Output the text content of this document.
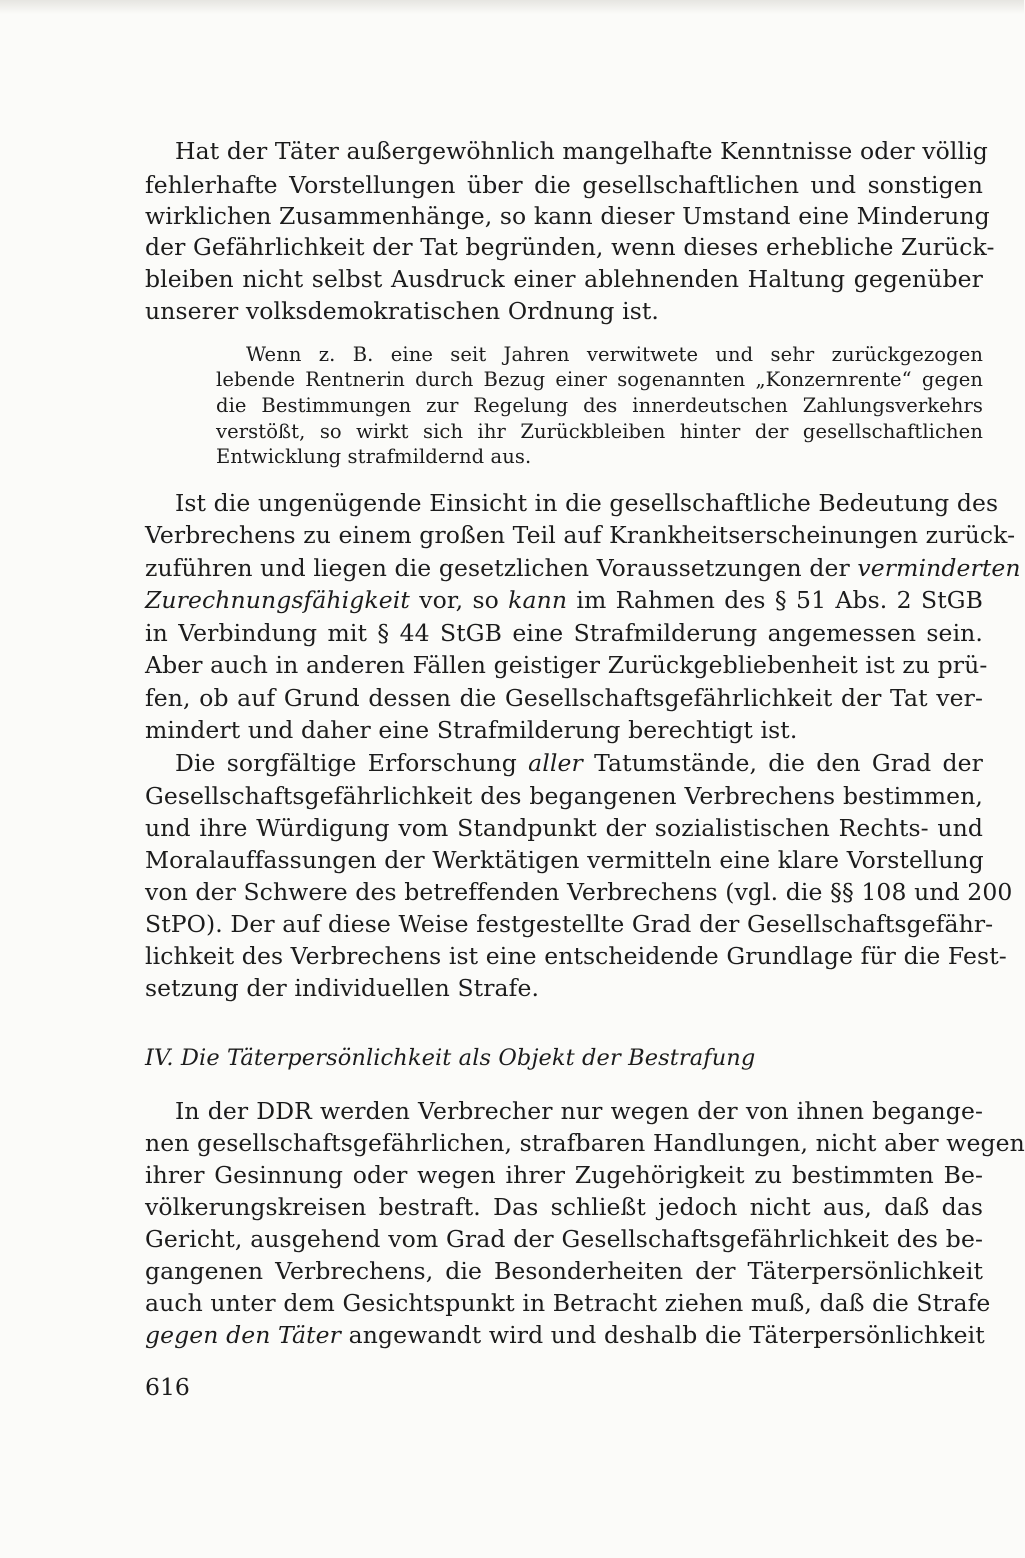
Hat der Täter außergewöhnlich mangelhafte Kenntnisse oder völlig

fehlerhafte Vorstellungen über die gesellschaftlichen und sonstigen

wirklichen Zusammenhänge, so kann dieser Umstand eine Minderung

der Gefährlichkeit der Tat begründen, wenn dieses erhebliche Zurück-

bleiben nicht selbst Ausdruck einer ablehnenden Haltung gegenüber

unserer volksdemokratischen Ordnung ist.

Wenn z. B. eine seit Jahren verwitwete und sehr zurückgezogen

lebende Rentnerin durch Bezug einer sogenannten „Konzernrente“ gegen

die Bestimmungen zur Regelung des innerdeutschen Zahlungsverkehrs

verstößt, so wirkt sich ihr Zurückbleiben hinter der gesellschaftlichen

Entwicklung strafmildernd aus.

Ist die ungenügende Einsicht in die gesellschaftliche Bedeutung des

Verbrechens zu einem großen Teil auf Krankheitserscheinungen zurück-

zuführen und liegen die gesetzlichen Voraussetzungen der verminderten

Zurechnungsfähigkeit vor, so kann im Rahmen des § 51 Abs. 2 StGB

in Verbindung mit § 44 StGB eine Strafmilderung angemessen sein.

Aber auch in anderen Fällen geistiger Zurückgebliebenheit ist zu prü-

fen, ob auf Grund dessen die Gesellschaftsgefährlichkeit der Tat ver-

mindert und daher eine Strafmilderung berechtigt ist.

Die sorgfältige Erforschung aller Tatumstände, die den Grad der

Gesellschaftsgefährlichkeit des begangenen Verbrechens bestimmen,

und ihre Würdigung vom Standpunkt der sozialistischen Rechts- und

Moralauffassungen der Werktätigen vermitteln eine klare Vorstellung

von der Schwere des betreffenden Verbrechens (vgl. die §§ 108 und 200

StPO). Der auf diese Weise festgestellte Grad der Gesellschaftsgefähr-

lichkeit des Verbrechens ist eine entscheidende Grundlage für die Fest-

setzung der individuellen Strafe.

IV. Die Täterpersönlichkeit als Objekt der Bestrafung

In der DDR werden Verbrecher nur wegen der von ihnen begange-

nen gesellschaftsgefährlichen, strafbaren Handlungen, nicht aber wegen

ihrer Gesinnung oder wegen ihrer Zugehörigkeit zu bestimmten Be-

völkerungskreisen bestraft. Das schließt jedoch nicht aus, daß das

Gericht, ausgehend vom Grad der Gesellschaftsgefährlichkeit des be-

gangenen Verbrechens, die Besonderheiten der Täterpersönlichkeit

auch unter dem Gesichtspunkt in Betracht ziehen muß, daß die Strafe

gegen den Täter angewandt wird und deshalb die Täterpersönlichkeit

616
